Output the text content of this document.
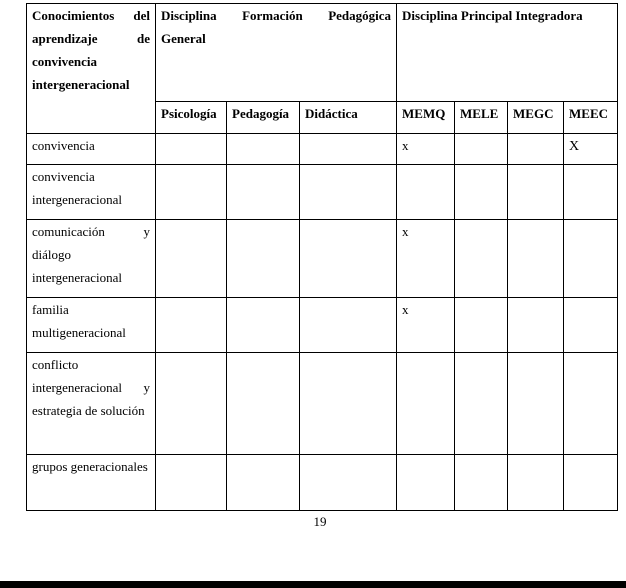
Conocimientos del aprendizaje de convivencia intergeneracional	Disciplina Formación Pedagógica General			Disciplina Principal Integradora			
	Psicología	Pedagogía	Didáctica	MEMQ	MELE	MEGC	MEEC
convivencia				x			X
convivencia intergeneracional							

comunicación y diálogo intergeneracional				x			
familia multigeneracional				x			

conflicto intergeneracional y estrategia de solución							

grupos generacionales							
19
